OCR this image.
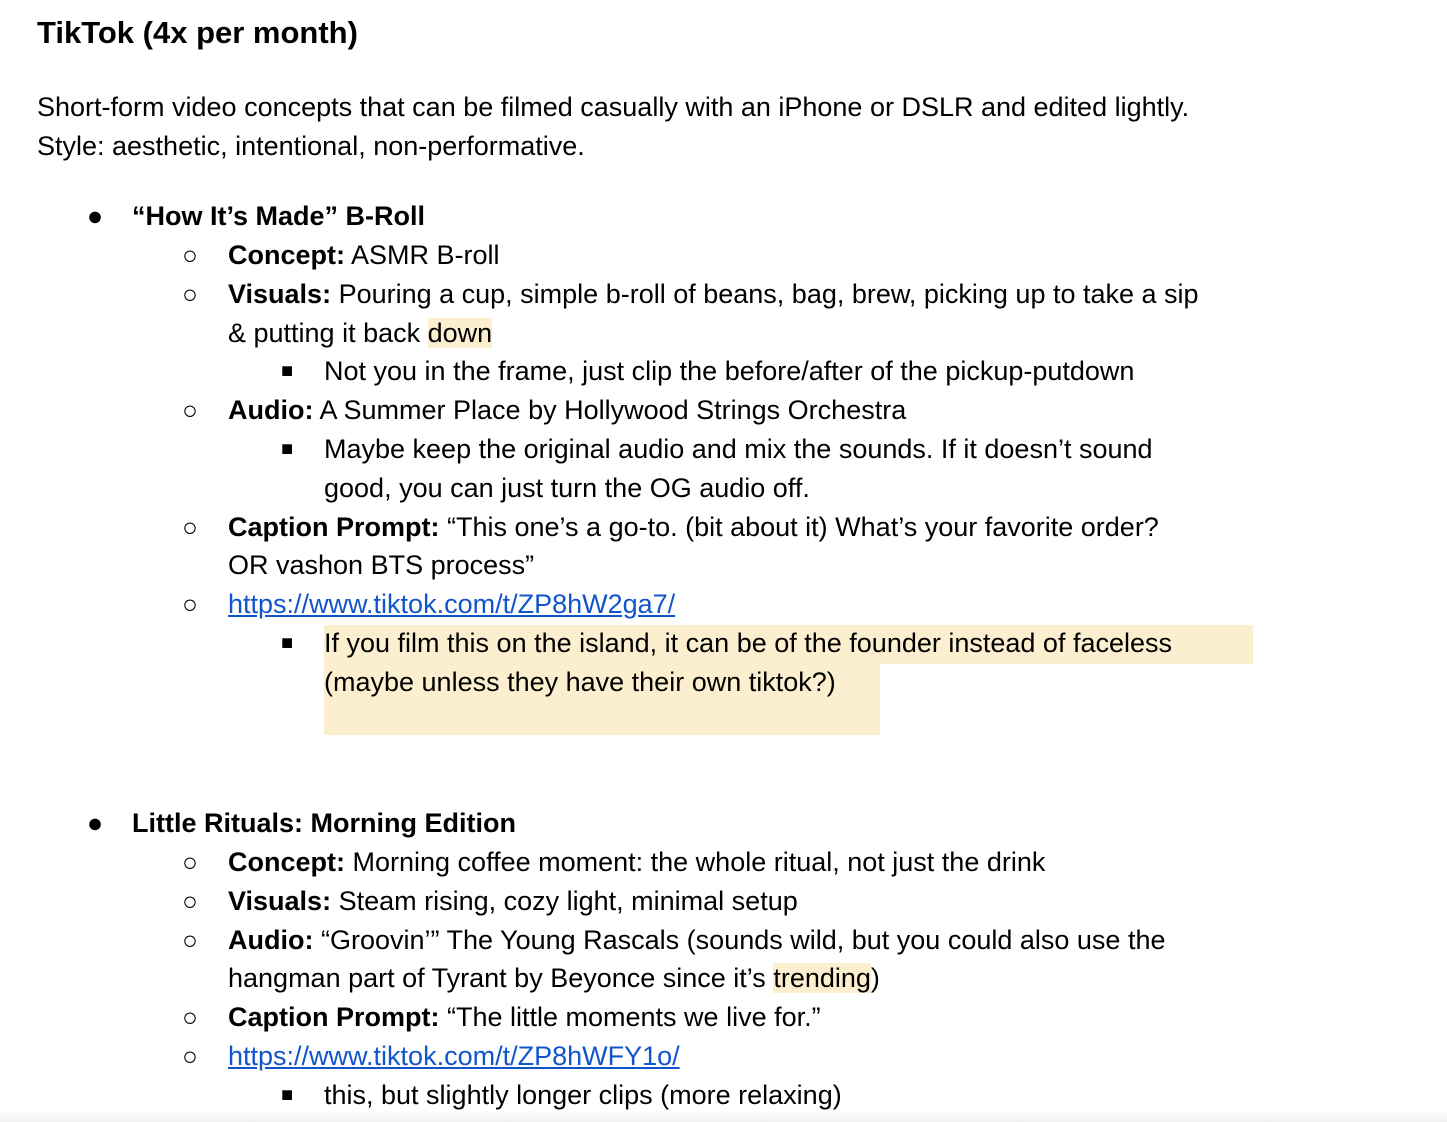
TikTok (4x per month)
Short-form video concepts that can be filmed casually with an iPhone or DSLR and edited lightly. Style: aesthetic, intentional, non-performative.
● “How It’s Made” B-Roll
○ Concept: ASMR B-roll
○ Visuals: Pouring a cup, simple b-roll of beans, bag, brew, picking up to take a sip
& putting it back down
■	Not you in the frame, just clip the before/after of the pickup-putdown
○ Audio: A Summer Place by Hollywood Strings Orchestra
■	Maybe keep the original audio and mix the sounds. If it doesn’t sound
good, you can just turn the OG audio off.
○ Caption Prompt: “This one’s a go-to. (bit about it) What’s your favorite order?
OR vashon BTS process”
○ https://www.tiktok.com/t/ZP8hW2ga7/
■	If you film this on the island, it can be of the founder instead of faceless
(maybe unless they have their own tiktok?)
● Little Rituals: Morning Edition
○ Concept: Morning coffee moment: the whole ritual, not just the drink
○ Visuals: Steam rising, cozy light, minimal setup
○ Audio: “Groovin’” The Young Rascals (sounds wild, but you could also use the
hangman part of Tyrant by Beyonce since it’s trending)
○ Caption Prompt: “The little moments we live for.”
○ https://www.tiktok.com/t/ZP8hWFY1o/
■	this, but slightly longer clips (more relaxing)
